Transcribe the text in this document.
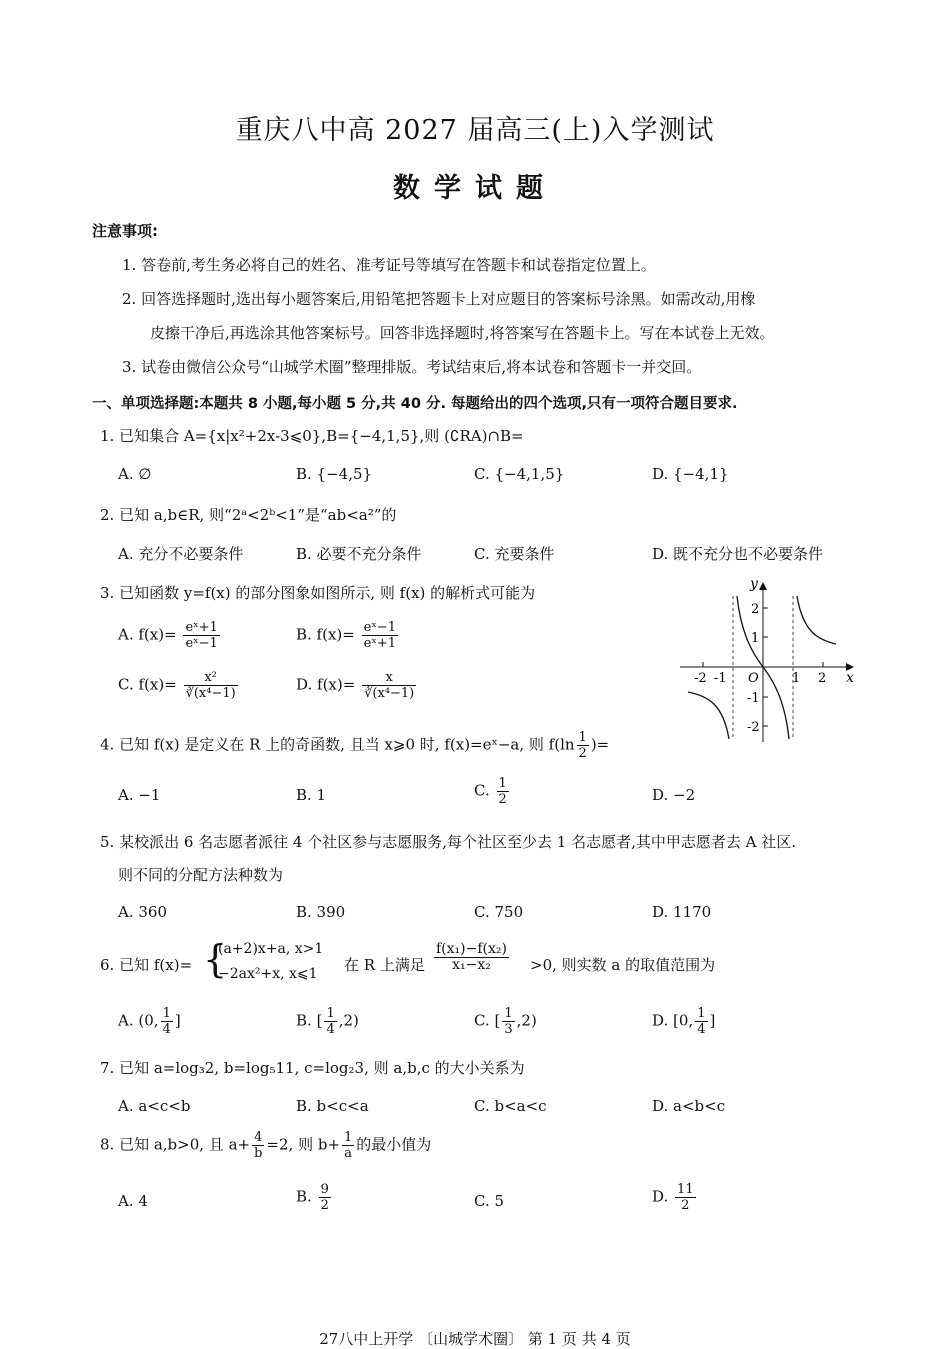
重庆八中高 2027 届高三(上)入学测试
数学试题
注意事项:
1. 答卷前,考生务必将自己的姓名、准考证号等填写在答题卡和试卷指定位置上。
2. 回答选择题时,选出每小题答案后,用铅笔把答题卡上对应题目的答案标号涂黑。如需改动,用橡
皮擦干净后,再选涂其他答案标号。回答非选择题时,将答案写在答题卡上。写在本试卷上无效。
3. 试卷由微信公众号“山城学术圈”整理排版。考试结束后,将本试卷和答题卡一并交回。
一、单项选择题:本题共 8 小题,每小题 5 分,共 40 分. 每题给出的四个选项,只有一项符合题目要求.
1. 已知集合 A={x|x²+2x-3⩽0},B={−4,1,5},则 (∁RA)∩B=
A. ∅	B. {−4,5}	C. {−4,1,5}	D. {−4,1}
2. 已知 a,b∈R, 则“2ᵃ<2ᵇ<1”是“ab<a²”的
A. 充分不必要条件	B. 必要不充分条件	C. 充要条件	D. 既不充分也不必要条件
3. 已知函数 y=f(x) 的部分图象如图所示, 则 f(x) 的解析式可能为
A. $f(x)= \frac{\text{eˣ+1}}{\text{eˣ−1}}$	B. $f(x)= \frac{\text{eˣ−1}}{\text{eˣ+1}}$
C. $f(x)= \frac{\text{x²}}{\text{∛(x⁴−1)}}$	D. $f(x)= \frac{x}{\text{∛(x⁴−1)}}$	x
y
O
-2 -1	1 2
2
1
-1
-2
4. 已知 f(x) 是定义在 R 上的奇函数, 且当 x⩾0 时, f(x)=eˣ−a, 则 $f(\ln \frac{1}{2}$ )=
A. −1	B. 1	C. $\frac{1}{2}$	D. −2
5. 某校派出 6 名志愿者派往 4 个社区参与志愿服务,每个社区至少去 1 名志愿者,其中甲志愿者去 A 社区.
则不同的分配方法种数为
A. 360	B. 390	C. 750	D. 1170
6. 已知 f(x)= {
(a+2)x+a, x>1
−2ax²+x, x⩽1 在 R 上满足 $\frac{\text{f(x₁)−f(x₂)}}{\text{x₁−x₂}} >0$, 则实数 a 的取值范围为
A. (0, $\frac{1}{4}$ ]	B. [ $\frac{1}{4} ,2$)	C. [ $\frac{1}{3} ,2$)	D. [0, $\frac{1}{4}$ ]
7. 已知 a=log₃2, b=log₅11, c=log₂3, 则 a,b,c 的大小关系为
A. a<c<b	B. b<c<a	C. b<a<c	D. a<b<c
8. 已知 a,b>0, 且 $a+ \frac{4}{b} =2$, 则 $b+ \frac{1}{a}$ 的最小值为
A. 4	B. $\frac{9}{2}$	C. 5	D. $\frac{11}{2}$
27八中上开学 〔山城学术圈〕 第 1 页 共 4 页
